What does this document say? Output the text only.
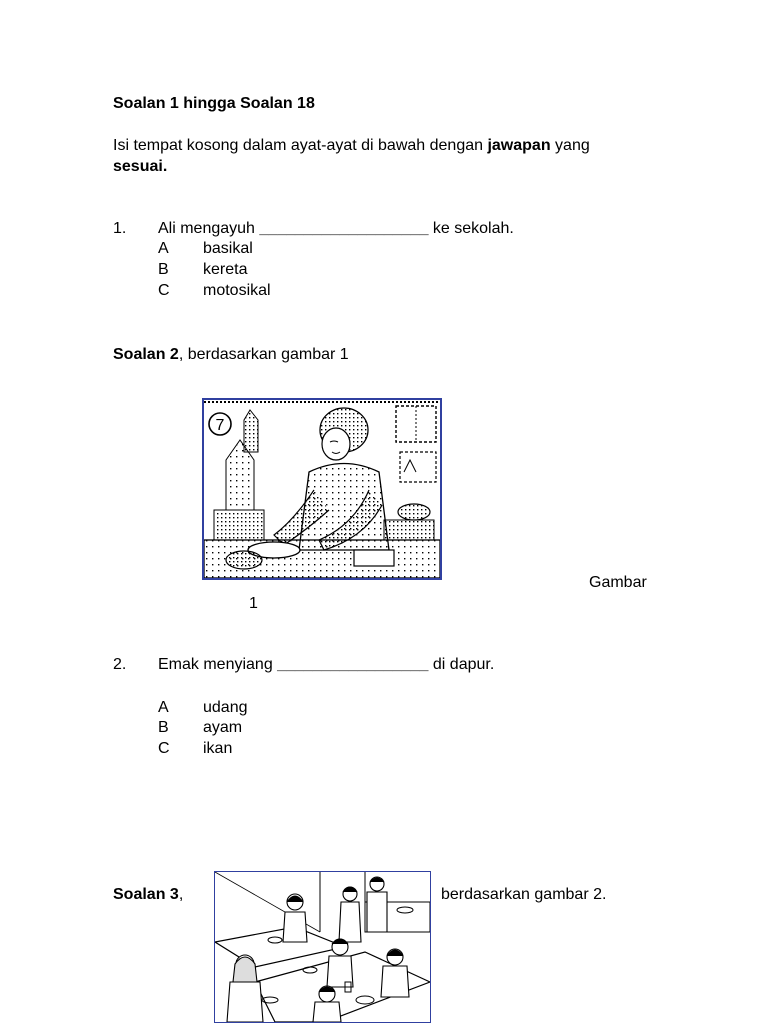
Soalan 1 hingga Soalan 18
Isi tempat kosong dalam ayat-ayat di bawah dengan jawapan yang
sesuai.
1. Ali mengayuh ___________________ ke sekolah.
A basikal
B kereta
C motosikal
Soalan 2, berdasarkan gambar 1
7
Gambar
1
2. Emak menyiang _________________ di dapur.
A udang
B ayam
C ikan
Soalan 3,	berdasarkan gambar 2.
